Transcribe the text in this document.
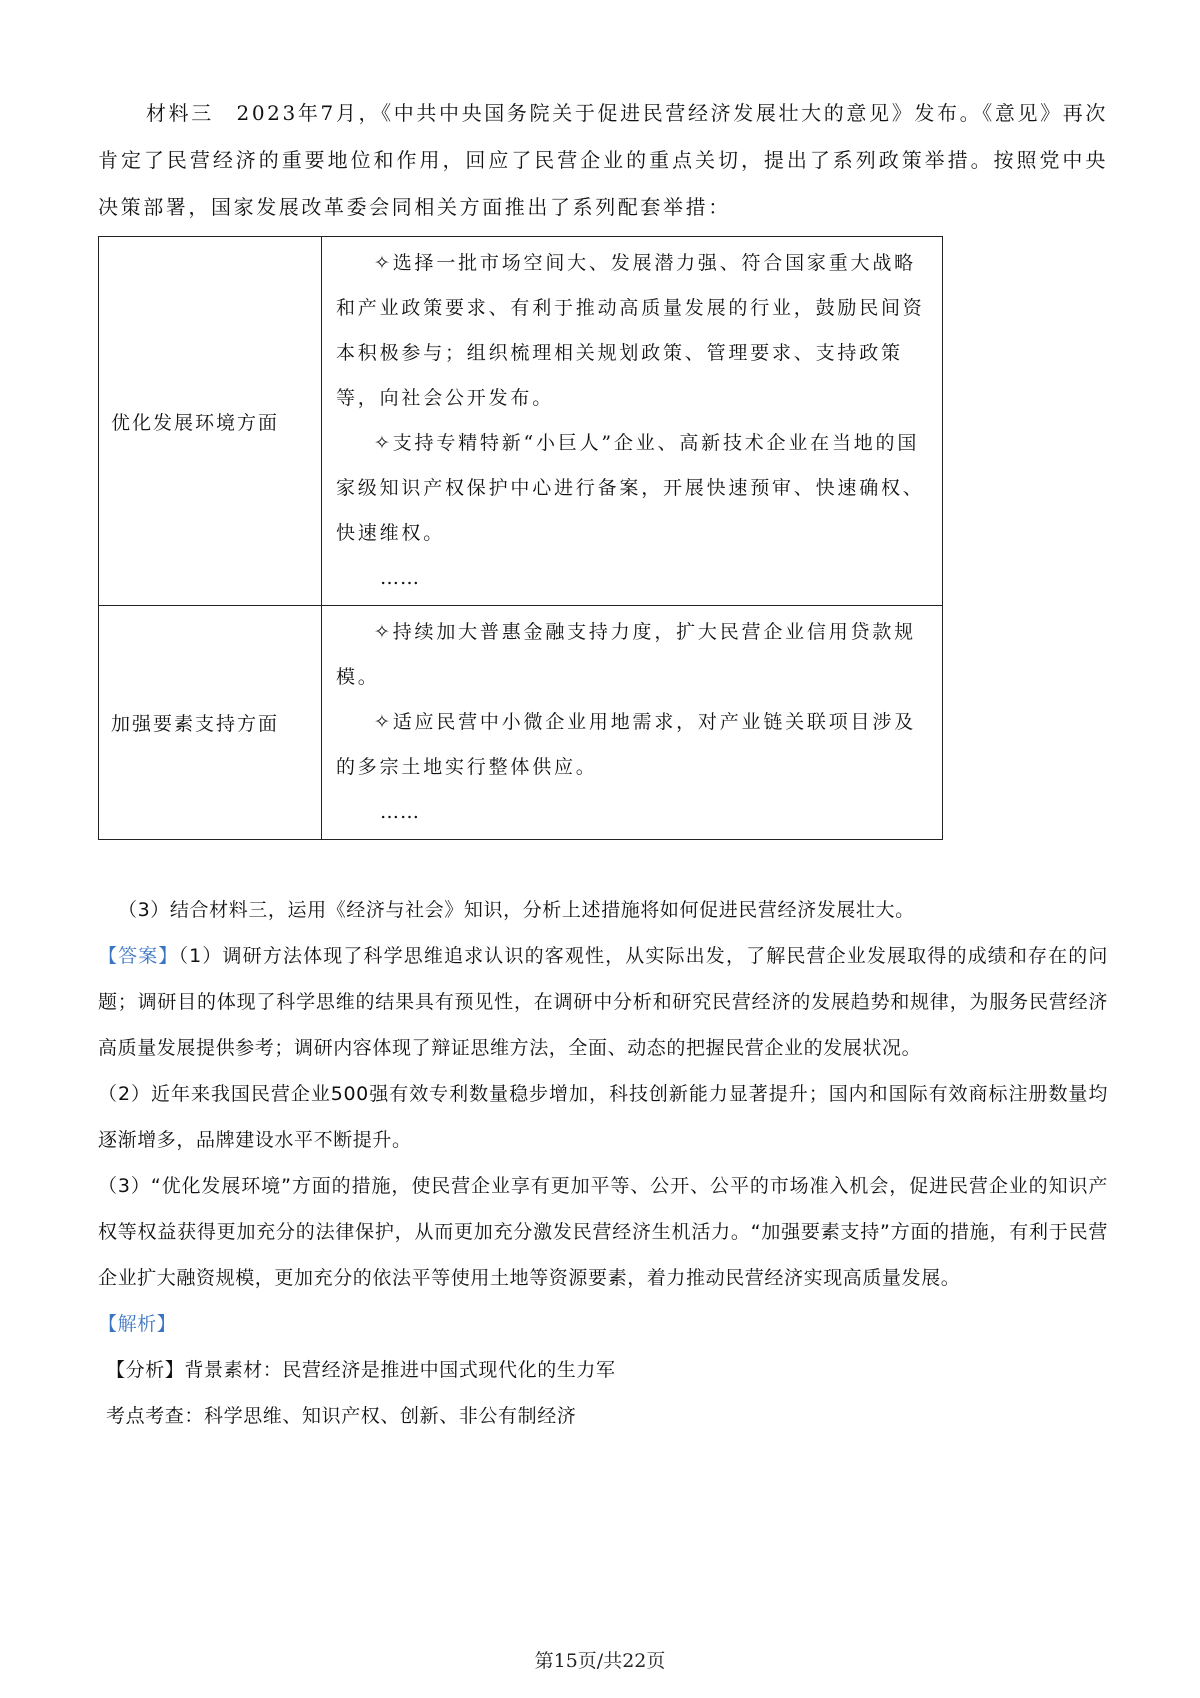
材料三　2023年7月，《中共中央国务院关于促进民营经济发展壮大的意见》发布。《意见》再次肯定了民营经济的重要地位和作用，回应了民营企业的重点关切，提出了系列政策举措。按照党中央决策部署，国家发展改革委会同相关方面推出了系列配套举措：

优化发展环境方面	✧选择一批市场空间大、发展潜力强、符合国家重大战略和产业政策要求、有利于推动高质量发展的行业，鼓励民间资本积极参与；组织梳理相关规划政策、管理要求、支持政策等，向社会公开发布。

✧支持专精特新“小巨人”企业、高新技术企业在当地的国家级知识产权保护中心进行备案，开展快速预审、快速确权、快速维权。

……

加强要素支持方面	✧持续加大普惠金融支持力度，扩大民营企业信用贷款规模。

✧适应民营中小微企业用地需求，对产业链关联项目涉及的多宗土地实行整体供应。

……

（3）结合材料三，运用《经济与社会》知识，分析上述措施将如何促进民营经济发展壮大。

【答案】（1）调研方法体现了科学思维追求认识的客观性，从实际出发，了解民营企业发展取得的成绩和存在的问题；调研目的体现了科学思维的结果具有预见性，在调研中分析和研究民营经济的发展趋势和规律，为服务民营经济高质量发展提供参考；调研内容体现了辩证思维方法，全面、动态的把握民营企业的发展状况。

（2）近年来我国民营企业500强有效专利数量稳步增加，科技创新能力显著提升；国内和国际有效商标注册数量均逐渐增多，品牌建设水平不断提升。

（3）“优化发展环境”方面的措施，使民营企业享有更加平等、公开、公平的市场准入机会，促进民营企业的知识产权等权益获得更加充分的法律保护，从而更加充分激发民营经济生机活力。“加强要素支持”方面的措施，有利于民营企业扩大融资规模，更加充分的依法平等使用土地等资源要素，着力推动民营经济实现高质量发展。

【解析】

【分析】背景素材：民营经济是推进中国式现代化的生力军

考点考查：科学思维、知识产权、创新、非公有制经济

第15页/共22页
